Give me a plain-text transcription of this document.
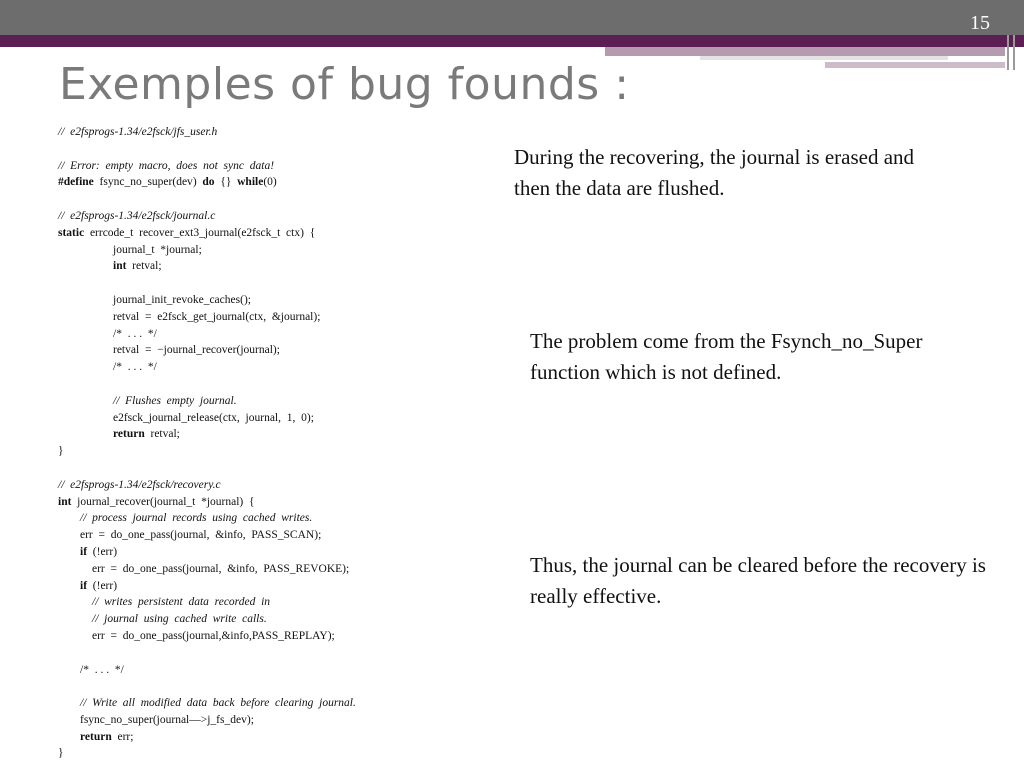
15
Exemples of bug founds :
//  e2fsprogs-1.34/e2fsck/jfs_user.h

//  Error:  empty  macro,  does  not  sync  data!
#define fsync_no_super(dev) do {} while(0)

//  e2fsprogs-1.34/e2fsck/journal.c
static errcode_t recover_ext3_journal(e2fsck_t ctx) {
journal_t *journal;
int retval;

journal_init_revoke_caches();
retval = e2fsck_get_journal(ctx, &journal);
/* . . . */
retval = −journal_recover(journal);
/* . . . */

//  Flushes  empty  journal.
e2fsck_journal_release(ctx, journal, 1, 0);
return retval;
}

//  e2fsprogs-1.34/e2fsck/recovery.c
int journal_recover(journal_t *journal) {
//  process  journal  records  using  cached  writes.
err = do_one_pass(journal, &info, PASS_SCAN);
if (!err)
err = do_one_pass(journal, &info, PASS_REVOKE);
if (!err)
//  writes  persistent  data  recorded  in
//  journal  using  cached  write  calls.
err = do_one_pass(journal,&info,PASS_REPLAY);

/* . . . */

//  Write  all  modified  data  back  before  clearing  journal.
fsync_no_super(journal—>j_fs_dev);
return err;
}
During the recovering, the journal is erased and then the data are flushed.
The problem come from the Fsynch_no_Super function which is not defined.
Thus, the journal can be cleared before the recovery is really effective.
